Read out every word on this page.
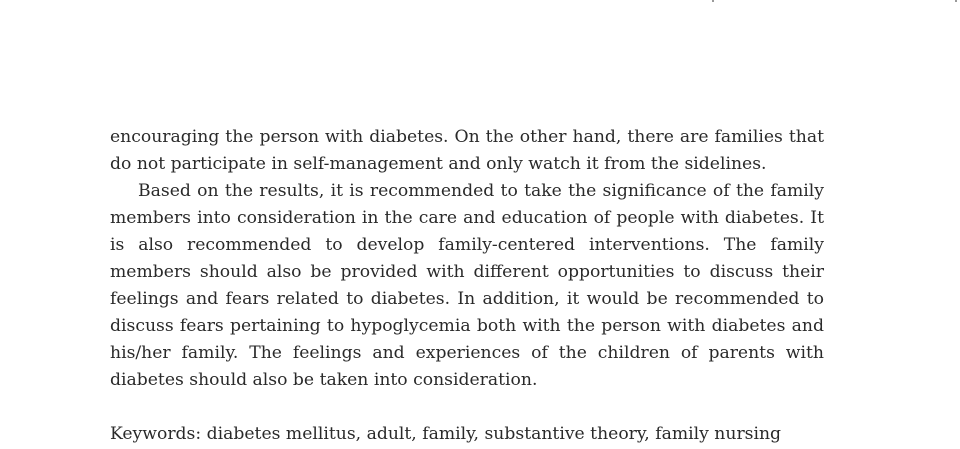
encouraging the person with diabetes. On the other hand, there are families that do not participate in self-management and only watch it from the sidelines.

Based on the results, it is recommended to take the significance of the family members into consideration in the care and education of people with diabetes. It is also recommended to develop family-centered interventions. The family members should also be provided with different opportunities to discuss their feelings and fears related to diabetes. In addition, it would be recommended to discuss fears pertaining to hypoglycemia both with the person with diabetes and his/her family. The feelings and experiences of the children of parents with diabetes should also be taken into consideration.

Keywords: diabetes mellitus, adult, family, substantive theory, family nursing
